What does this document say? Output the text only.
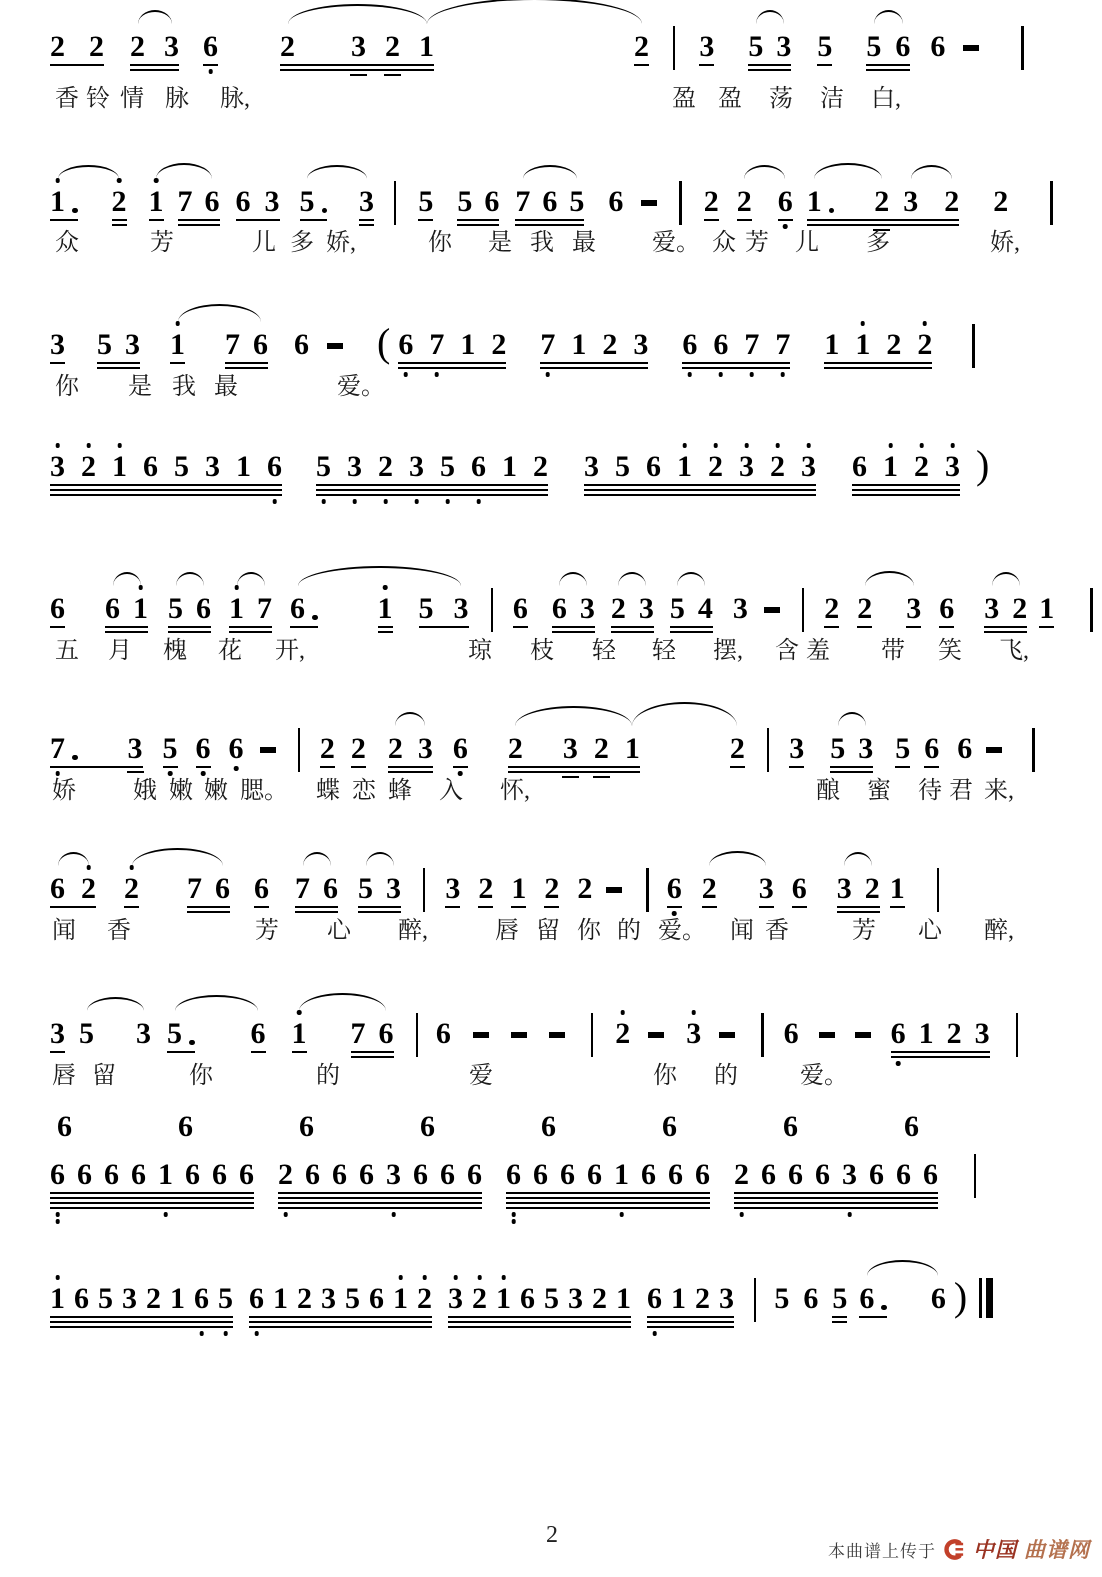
2 2 2 3 6 2 3 2 1	2 3 5 3 5 5 6 6
香 铃 情 脉 脉,	盈 盈 荡 洁 白,
1 2 1 7 6 6 3 5 3 5 5 6 7 6 5 6	2 2 6 1 2 3 2 2
众	芳	儿 多 娇,	你 是 我 最 爱。 众 芳 儿 多	娇,
3 5 3 1 7 6 6 ( 6 7 1 2 7 1 2 3 6 6 7 7 1 1 2 2
你 是 我 最	爱。
3 2 1 6 5 3 1 6 5 3 2 3 5 6 1 2 3 5 6 1 2 3 2 3 6 1 2 3 )
6 6 1 5 6 1 7 6 1 5 3 6 6 3 2 3 5 4 3	2 2 3 6 3 2 1
五 月 槐 花 开,	琼 枝 轻 轻 摆, 含 羞 带 笑 飞,
7 3 5 6 6	2 2 2 3 6 2 3 2 1	2 3 5 3 5 6 6
娇 娥 嫩 嫩 腮。 蝶 恋 蜂 入 怀,	酿 蜜 待 君 来,
6 2 2 7 6 6 7 6 5 3 3 2 1 2 2 6 2 3 6 3 2 1
闻 香	芳 心 醉,	唇 留 你 的 爱。 闻 香	芳 心 醉,
3 5 3 5 6 1 7 6 6	2 3	6	6 1 2 3
唇 留	你	的	爱	你 的	爱。
6	6	6	6	6	6	6	6
6 6 6 6 1 6 6 6 2 6 6 6 3 6 6 6 6 6 6 6 1 6 6 6 2 6 6 6 3 6 6 6
1 6 5 3 2 1 6 5 6 1 2 3 5 6 1 2 3 2 1 6 5 3 2 1 6 1 2 3 5 6 5 6 6 )
2
本曲谱上传于 中国 曲谱网
